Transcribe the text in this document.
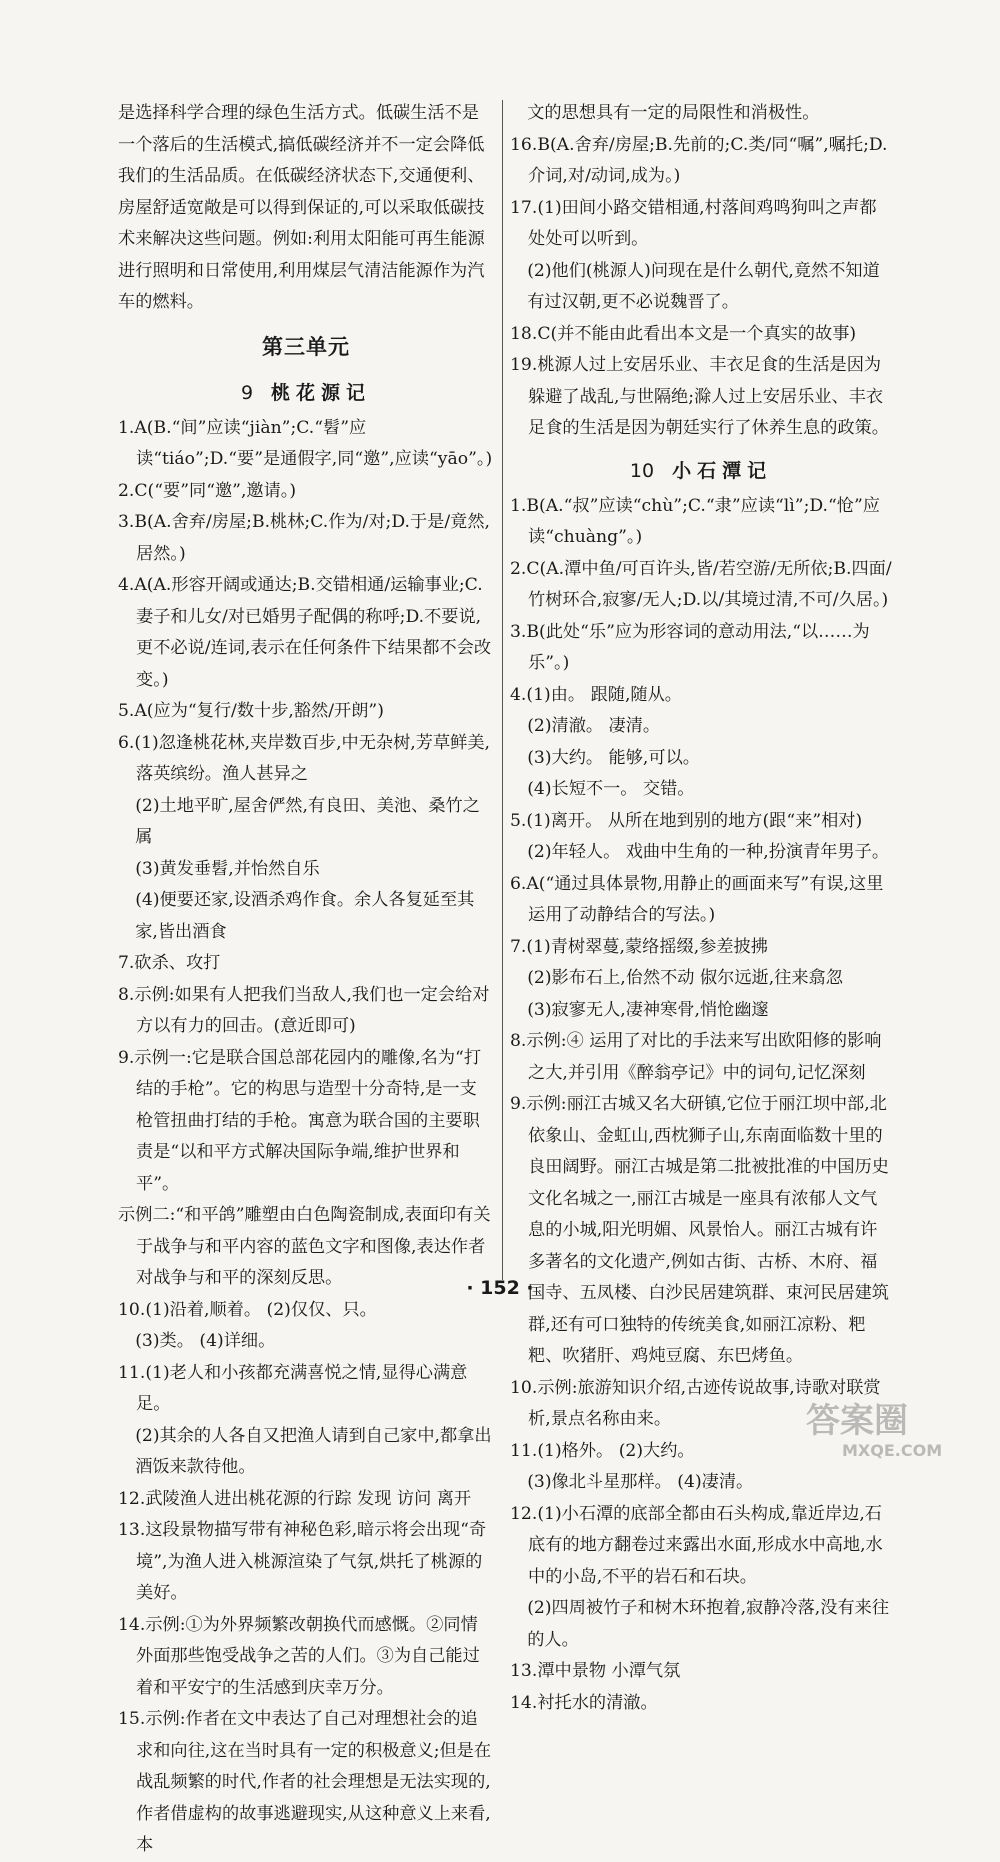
是选择科学合理的绿色生活方式。低碳生活不是

一个落后的生活模式,搞低碳经济并不一定会降低

我们的生活品质。在低碳经济状态下,交通便利、

房屋舒适宽敞是可以得到保证的,可以采取低碳技

术来解决这些问题。例如:利用太阳能可再生能源

进行照明和日常使用,利用煤层气清洁能源作为汽

车的燃料。

第三单元
9 桃花源记

1.A(B.“间”应读“jiàn”;C.“髫”应读“tiáo”;D.“要”是通假字,同“邀”,应读“yāo”。)

2.C(“要”同“邀”,邀请。)

3.B(A.舍弃/房屋;B.桃林;C.作为/对;D.于是/竟然,居然。)

4.A(A.形容开阔或通达;B.交错相通/运输事业;C.妻子和儿女/对已婚男子配偶的称呼;D.不要说,更不必说/连词,表示在任何条件下结果都不会改变。)

5.A(应为“复行/数十步,豁然/开朗”)

6.(1)忽逢桃花林,夹岸数百步,中无杂树,芳草鲜美,落英缤纷。渔人甚异之

(2)土地平旷,屋舍俨然,有良田、美池、桑竹之属

(3)黄发垂髫,并怡然自乐

(4)便要还家,设酒杀鸡作食。余人各复延至其家,皆出酒食

7.砍杀、攻打

8.示例:如果有人把我们当敌人,我们也一定会给对方以有力的回击。(意近即可)

9.示例一:它是联合国总部花园内的雕像,名为“打结的手枪”。它的构思与造型十分奇特,是一支枪管扭曲打结的手枪。寓意为联合国的主要职责是“以和平方式解决国际争端,维护世界和平”。

示例二:“和平鸽”雕塑由白色陶瓷制成,表面印有关于战争与和平内容的蓝色文字和图像,表达作者对战争与和平的深刻反思。

10.(1)沿着,顺着。 (2)仅仅、只。

(3)类。 (4)详细。

11.(1)老人和小孩都充满喜悦之情,显得心满意足。

(2)其余的人各自又把渔人请到自己家中,都拿出酒饭来款待他。

12.武陵渔人进出桃花源的行踪 发现 访问 离开

13.这段景物描写带有神秘色彩,暗示将会出现“奇境”,为渔人进入桃源渲染了气氛,烘托了桃源的美好。

14.示例:①为外界频繁改朝换代而感慨。②同情外面那些饱受战争之苦的人们。③为自己能过着和平安宁的生活感到庆幸万分。

15.示例:作者在文中表达了自己对理想社会的追求和向往,这在当时具有一定的积极意义;但是在战乱频繁的时代,作者的社会理想是无法实现的,作者借虚构的故事逃避现实,从这种意义上来看,本

文的思想具有一定的局限性和消极性。

16.B(A.舍弃/房屋;B.先前的;C.类/同“嘱”,嘱托;D.介词,对/动词,成为。)

17.(1)田间小路交错相通,村落间鸡鸣狗叫之声都处处可以听到。

(2)他们(桃源人)问现在是什么朝代,竟然不知道有过汉朝,更不必说魏晋了。

18.C(并不能由此看出本文是一个真实的故事)

19.桃源人过上安居乐业、丰衣足食的生活是因为躲避了战乱,与世隔绝;滁人过上安居乐业、丰衣足食的生活是因为朝廷实行了休养生息的政策。

10 小石潭记

1.B(A.“叔”应读“chù”;C.“隶”应读“lì”;D.“怆”应读“chuàng”。)

2.C(A.潭中鱼/可百许头,皆/若空游/无所依;B.四面/竹树环合,寂寥/无人;D.以/其境过清,不可/久居。)

3.B(此处“乐”应为形容词的意动用法,“以……为乐”。)

4.(1)由。 跟随,随从。

(2)清澈。 凄清。

(3)大约。 能够,可以。

(4)长短不一。 交错。

5.(1)离开。 从所在地到别的地方(跟“来”相对)

(2)年轻人。 戏曲中生角的一种,扮演青年男子。

6.A(“通过具体景物,用静止的画面来写”有误,这里运用了动静结合的写法。)

7.(1)青树翠蔓,蒙络摇缀,参差披拂

(2)影布石上,佁然不动 俶尔远逝,往来翕忽

(3)寂寥无人,凄神寒骨,悄怆幽邃

8.示例:④ 运用了对比的手法来写出欧阳修的影响之大,并引用《醉翁亭记》中的词句,记忆深刻

9.示例:丽江古城又名大研镇,它位于丽江坝中部,北依象山、金虹山,西枕狮子山,东南面临数十里的良田阔野。丽江古城是第二批被批准的中国历史文化名城之一,丽江古城是一座具有浓郁人文气息的小城,阳光明媚、风景怡人。丽江古城有许多著名的文化遗产,例如古街、古桥、木府、福国寺、五凤楼、白沙民居建筑群、束河民居建筑群,还有可口独特的传统美食,如丽江凉粉、粑粑、吹猪肝、鸡炖豆腐、东巴烤鱼。

10.示例:旅游知识介绍,古迹传说故事,诗歌对联赏析,景点名称由来。

11.(1)格外。 (2)大约。

(3)像北斗星那样。 (4)凄清。

12.(1)小石潭的底部全都由石头构成,靠近岸边,石底有的地方翻卷过来露出水面,形成水中高地,水中的小岛,不平的岩石和石块。

(2)四周被竹子和树木环抱着,寂静冷落,没有来往的人。

13.潭中景物 小潭气氛

14.衬托水的清澈。

· 152 ·
答案圈
MXQE.COM
